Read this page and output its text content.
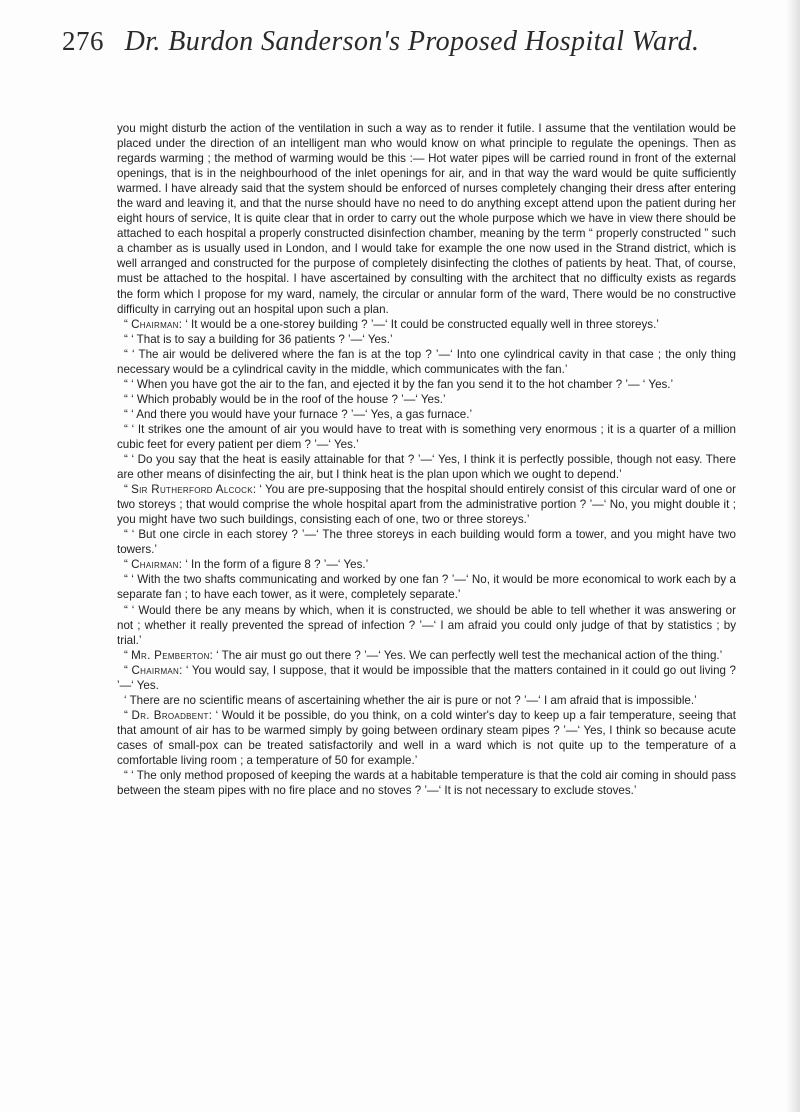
276 Dr. Burdon Sanderson's Proposed Hospital Ward.

you might disturb the action of the ventilation in such a way as to render it futile. I assume that the ventilation would be placed under the direction of an intelligent man who would know on what principle to regulate the openings. Then as regards warming ; the method of warming would be this :— Hot water pipes will be carried round in front of the external openings, that is in the neighbourhood of the inlet openings for air, and in that way the ward would be quite sufficiently warmed. I have already said that the system should be enforced of nurses completely changing their dress after entering the ward and leaving it, and that the nurse should have no need to do anything except attend upon the patient during her eight hours of service, It is quite clear that in order to carry out the whole purpose which we have in view there should be attached to each hospital a properly constructed disinfection chamber, meaning by the term “ properly constructed ” such a chamber as is usually used in London, and I would take for example the one now used in the Strand district, which is well arranged and constructed for the purpose of completely disinfecting the clothes of patients by heat. That, of course, must be attached to the hospital. I have ascertained by consulting with the architect that no difficulty exists as regards the form which I propose for my ward, namely, the circular or annular form of the ward, There would be no constructive difficulty in carrying out an hospital upon such a plan.

“ Chairman: ‘ It would be a one-storey building ? ’—‘ It could be constructed equally well in three storeys.’

“ ‘ That is to say a building for 36 patients ? ’—‘ Yes.’

“ ‘ The air would be delivered where the fan is at the top ? ’—‘ Into one cylindrical cavity in that case ; the only thing necessary would be a cylindrical cavity in the middle, which communicates with the fan.’

“ ‘ When you have got the air to the fan, and ejected it by the fan you send it to the hot chamber ? ’— ‘ Yes.’

“ ‘ Which probably would be in the roof of the house ? ’—‘ Yes.’

“ ‘ And there you would have your furnace ? ’—‘ Yes, a gas furnace.’

“ ‘ It strikes one the amount of air you would have to treat with is something very enormous ; it is a quarter of a million cubic feet for every patient per diem ? ’—‘ Yes.’

“ ‘ Do you say that the heat is easily attainable for that ? ’—‘ Yes, I think it is perfectly possible, though not easy. There are other means of disinfecting the air, but I think heat is the plan upon which we ought to depend.’

“ Sir Rutherford Alcock: ‘ You are pre-supposing that the hospital should entirely consist of this circular ward of one or two storeys ; that would comprise the whole hospital apart from the administrative portion ? ’—‘ No, you might double it ; you might have two such buildings, consisting each of one, two or three storeys.’

“ ‘ But one circle in each storey ? ’—‘ The three storeys in each building would form a tower, and you might have two towers.’

“ Chairman: ‘ In the form of a figure 8 ? ’—‘ Yes.’

“ ‘ With the two shafts communicating and worked by one fan ? ’—‘ No, it would be more economical to work each by a separate fan ; to have each tower, as it were, completely separate.’

“ ‘ Would there be any means by which, when it is constructed, we should be able to tell whether it was answering or not ; whether it really prevented the spread of infection ? ’—‘ I am afraid you could only judge of that by statistics ; by trial.’

“ Mr. Pemberton: ‘ The air must go out there ? ’—‘ Yes. We can perfectly well test the mechanical action of the thing.’

“ Chairman: ‘ You would say, I suppose, that it would be impossible that the matters contained in it could go out living ? ’—‘ Yes.

‘ There are no scientific means of ascertaining whether the air is pure or not ? ’—‘ I am afraid that is impossible.’

“ Dr. Broadbent: ‘ Would it be possible, do you think, on a cold winter's day to keep up a fair temperature, seeing that that amount of air has to be warmed simply by going between ordinary steam pipes ? ’—‘ Yes, I think so because acute cases of small-pox can be treated satisfactorily and well in a ward which is not quite up to the temperature of a comfortable living room ; a temperature of 50 for example.’

“ ‘ The only method proposed of keeping the wards at a habitable temperature is that the cold air coming in should pass between the steam pipes with no fire place and no stoves ? ’—‘ It is not necessary to exclude stoves.’
